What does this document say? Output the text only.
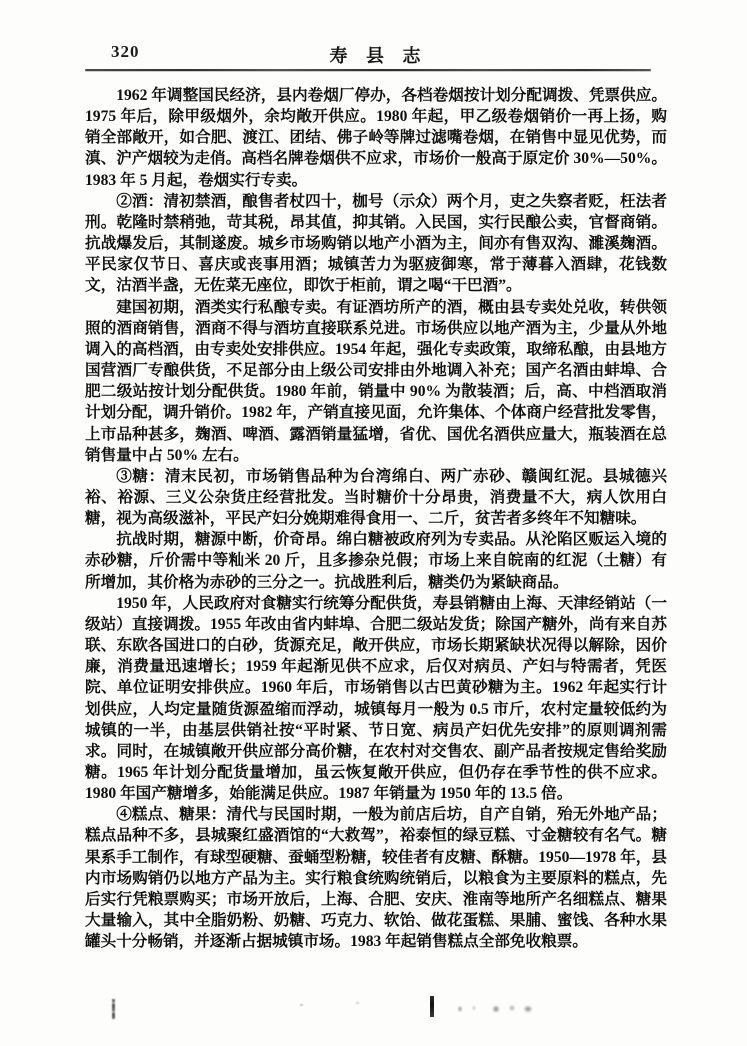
320	寿 县 志

1962 年调整国民经济，县内卷烟厂停办，各档卷烟按计划分配调拨、凭票供应。1975 年后，除甲级烟外，余均敞开供应。1980 年起，甲乙级卷烟销价一再上扬，购销全部敞开，如合肥、渡江、团结、佛子岭等牌过滤嘴卷烟，在销售中显见优势，而滇、沪产烟较为走俏。高档名牌卷烟供不应求，市场价一般高于原定价 30%—50%。1983 年 5 月起，卷烟实行专卖。

②酒：清初禁酒，酿售者杖四十，枷号（示众）两个月，吏之失察者贬，枉法者刑。乾隆时禁稍弛，苛其税，昂其值，抑其销。入民国，实行民酿公卖，官督商销。抗战爆发后，其制遂废。城乡市场购销以地产小酒为主，间亦有售双沟、濉溪麹酒。平民家仅节日、喜庆或丧事用酒；城镇苦力为驱疲御寒，常于薄暮入酒肆，花钱数文，沽酒半盏，无佐菜无座位，即饮于柜前，谓之喝“干巴酒”。

建国初期，酒类实行私酿专卖。有证酒坊所产的酒，概由县专卖处兑收，转供领照的酒商销售，酒商不得与酒坊直接联系兑进。市场供应以地产酒为主，少量从外地调入的高档酒，由专卖处安排供应。1954 年起，强化专卖政策，取缔私酿，由县地方国营酒厂专酿供货，不足部分由上级公司安排由外地调入补充；国产名酒由蚌埠、合肥二级站按计划分配供货。1980 年前，销量中 90% 为散装酒；后，高、中档酒取消计划分配，调升销价。1982 年，产销直接见面，允许集体、个体商户经营批发零售，上市品种甚多，麹酒、啤酒、露酒销量猛增，省优、国优名酒供应量大，瓶装酒在总销售量中占 50% 左右。

③糖：清末民初，市场销售品种为台湾绵白、两广赤砂、赣闽红泥。县城德兴裕、裕源、三义公杂货庄经营批发。当时糖价十分昂贵，消费量不大，病人饮用白糖，视为高级滋补，平民产妇分娩期难得食用一、二斤，贫苦者多终年不知糖味。

抗战时期，糖源中断，价奇昂。绵白糖被政府列为专卖品。从沦陷区贩运入境的赤砂糖，斤价需中等籼米 20 斤，且多掺杂兑假；市场上来自皖南的红泥（土糖）有所增加，其价格为赤砂的三分之一。抗战胜利后，糖类仍为紧缺商品。

1950 年，人民政府对食糖实行统筹分配供货，寿县销糖由上海、天津经销站（一级站）直接调拨。1955 年改由省内蚌埠、合肥二级站发货；除国产糖外，尚有来自苏联、东欧各国进口的白砂，货源充足，敞开供应，市场长期紧缺状况得以解除，因价廉，消费量迅速增长；1959 年起渐见供不应求，后仅对病员、产妇与特需者，凭医院、单位证明安排供应。1960 年后，市场销售以古巴黄砂糖为主。1962 年起实行计划供应，人均定量随货源盈缩而浮动，城镇每月一般为 0.5 市斤，农村定量较低约为城镇的一半，由基层供销社按“平时紧、节日宽、病员产妇优先安排”的原则调剂需求。同时，在城镇敞开供应部分高价糖，在农村对交售农、副产品者按规定售给奖励糖。1965 年计划分配货量增加，虽云恢复敞开供应，但仍存在季节性的供不应求。1980 年国产糖增多，始能满足供应。1987 年销量为 1950 年的 13.5 倍。

④糕点、糖果：清代与民国时期，一般为前店后坊，自产自销，殆无外地产品；糕点品种不多，县城聚红盛酒馆的“大救驾”，裕泰恒的绿豆糕、寸金糖较有名气。糖果系手工制作，有球型硬糖、蚕蛹型粉糖，较佳者有皮糖、酥糖。1950—1978 年，县内市场购销仍以地方产品为主。实行粮食统购统销后，以粮食为主要原料的糕点，先后实行凭粮票购买；市场开放后，上海、合肥、安庆、淮南等地所产名细糕点、糖果大量输入，其中全脂奶粉、奶糖、巧克力、软饴、做花蛋糕、果脯、蜜饯、各种水果罐头十分畅销，并逐渐占据城镇市场。1983 年起销售糕点全部免收粮票。
